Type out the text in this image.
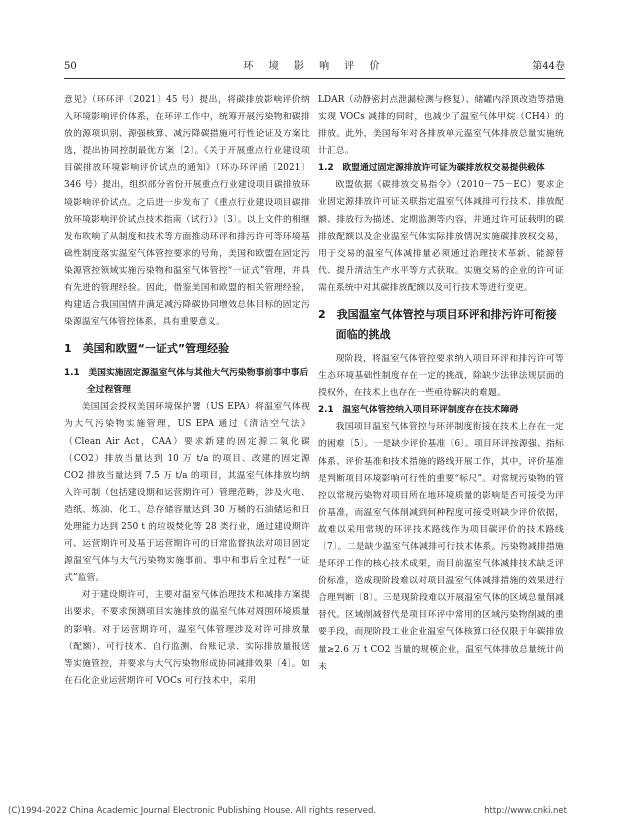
50	环 境 影 响 评 价	第44卷

意见》（环环评〔2021〕45 号）提出，将碳排放影响评价纳入环境影响评价体系，在环评工作中，统筹开展污染物和碳排放的源项识别、源强核算、减污降碳措施可行性论证及方案比选，提出协同控制最优方案〔2〕。《关于开展重点行业建设项目碳排放环境影响评价试点的通知》（环办环评函〔2021〕346 号）提出，组织部分省份开展重点行业建设项目碳排放环境影响评价试点。之后进一步发布了《重点行业建设项目碳排放环境影响评价试点技术指南（试行）》〔3〕。以上文件的相继发布吹响了从制度和技术等方面推动环评和排污许可等环境基础性制度落实温室气体管控要求的号角，美国和欧盟在固定污染源管控领域实施污染物和温室气体管控“一证式”管理，并具有先进的管理经验。因此，借鉴美国和欧盟的相关管理经验，构建适合我国国情并满足减污降碳协同增效总体目标的固定污染源温室气体管控体系，具有重要意义。

1　美国和欧盟“一证式”管理经验
1.1　美国实施固定源温室气体与其他大气污染物事前事中事后全过程管理

美国国会授权美国环境保护署（US EPA）将温室气体视为大气污染物实施管理，US EPA 通过《清洁空气法》（Clean Air Act，CAA）要求新建的固定源二氧化碳（CO2）排放当量达到 10 万 t/a 的项目、改建的固定源 CO2 排放当量达到 7.5 万 t/a 的项目，其温室气体排放均纳入许可制（包括建设期和运营期许可）管理范畴，涉及火电、造纸、炼油、化工、总存储容量达到 30 万桶的石油储运和日处理能力达到 250 t 的垃圾焚化等 28 类行业，通过建设期许可、运营期许可及基于运营期许可的日常监督执法对项目固定源温室气体与大气污染物实施事前、事中和事后全过程“一证式”监管。

对于建设期许可，主要对温室气体治理技术和减排方案提出要求，不要求预测项目实施排放的温室气体对周围环境质量的影响。对于运营期许可，温室气体管理涉及对许可排放量（配额）、可行技术、自行监测、台账记录、实际排放量报送等实施管控，并要求与大气污染物形成协同减排效果〔4〕。如在石化企业运营期许可 VOCs 可行技术中，采用

LDAR（动静密封点泄漏检测与修复）、储罐内浮顶改造等措施实现 VOCs 减排的同时，也减少了温室气体甲烷（CH4）的排放。此外，美国每年对各排放单元温室气体排放总量实施统计汇总。

1.2　欧盟通过固定源排放许可证为碳排放权交易提供载体

欧盟依据《碳排放交易指令》（2010－75－EC）要求企业固定源排放许可证关联指定温室气体减排可行技术、排放配额、排放行为描述、定期监测等内容，并通过许可证载明的碳排放配额以及企业温室气体实际排放情况实施碳排放权交易，用于交易的温室气体减排量必须通过治理技术革新、能源替代、提升清洁生产水平等方式获取。实施交易的企业的许可证需在系统中对其碳排放配额以及可行技术等进行变更。

2　我国温室气体管控与项目环评和排污许可衔接面临的挑战

现阶段，将温室气体管控要求纳入项目环评和排污许可等生态环境基础性制度存在一定的挑战，除缺少法律法规层面的授权外，在技术上也存在一些亟待解决的难题。

2.1　温室气体管控纳入项目环评制度存在技术障碍

我国项目温室气体管控与环评制度衔接在技术上存在一定的困难〔5〕。一是缺少评价基准〔6〕。项目环评按源强、指标体系、评价基准和技术措施的路线开展工作，其中，评价基准是判断项目环境影响可行性的重要“标尺”。对常规污染物的管控以常规污染物对项目所在地环境质量的影响是否可接受为评价基准，而温室气体削减到何种程度可接受则缺少评价依据，故难以采用常规的环评技术路线作为项目碳评价的技术路线〔7〕。二是缺少温室气体减排可行技术体系。污染物减排措施是环评工作的核心技术成果，而目前温室气体减排技术缺乏评价标准，造成现阶段难以对项目温室气体减排措施的效果进行合理判断〔8〕。三是现阶段难以开展温室气体的区域总量削减替代。区域削减替代是项目环评中常用的区域污染物削减的重要手段，而现阶段工业企业温室气体核算口径仅限于年碳排放量≥2.6 万 t CO2 当量的规模企业，温室气体排放总量统计尚未

(C)1994-2022 China Academic Journal Electronic Publishing House. All rights reserved.	http://www.cnki.net
